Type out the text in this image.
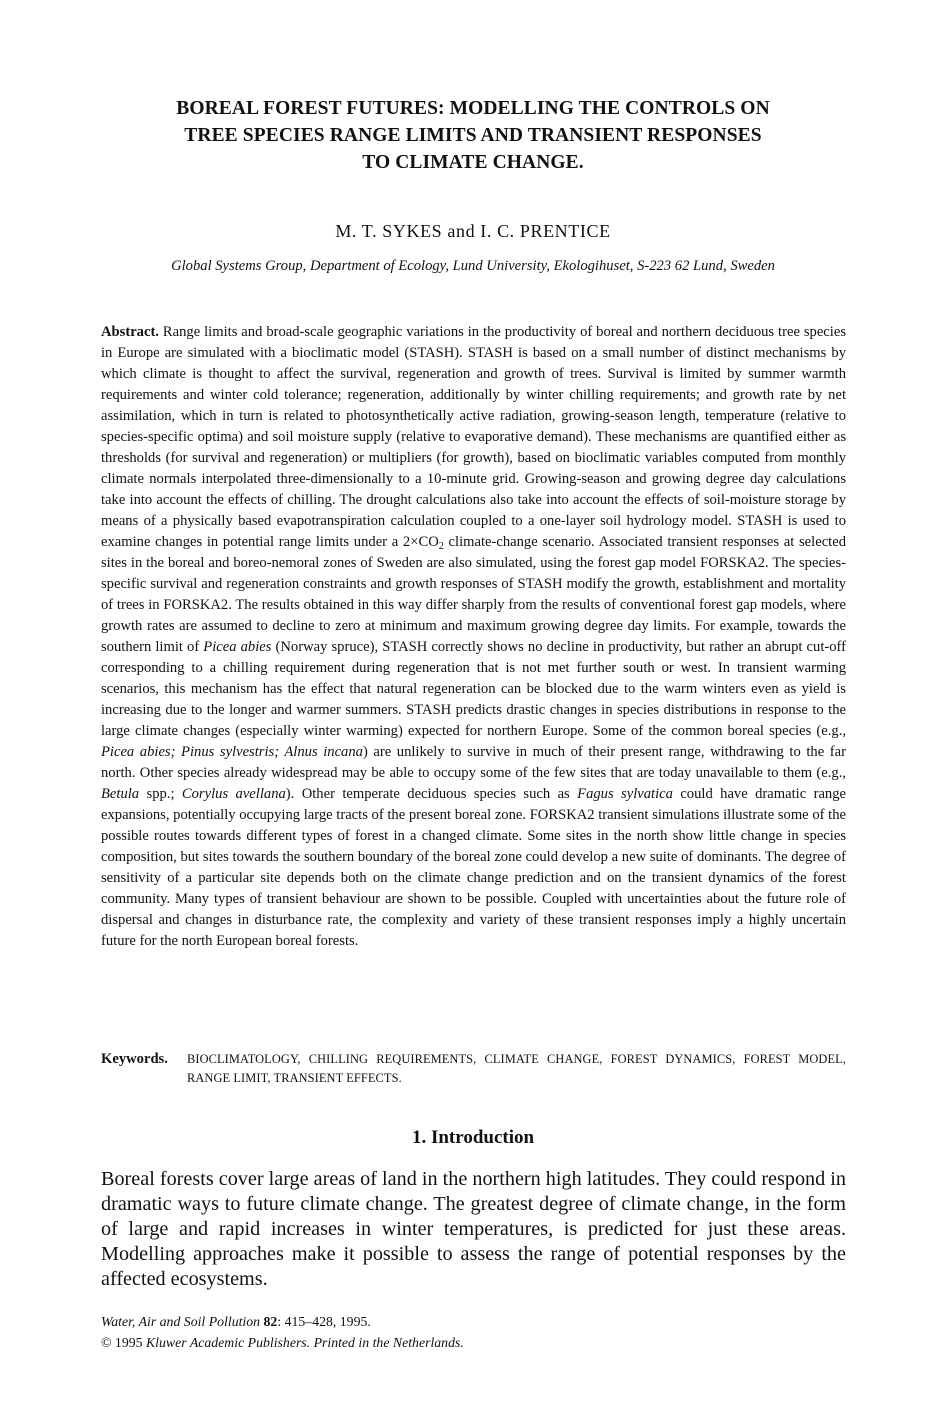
BOREAL FOREST FUTURES: MODELLING THE CONTROLS ON
TREE SPECIES RANGE LIMITS AND TRANSIENT RESPONSES
TO CLIMATE CHANGE.
M. T. SYKES and I. C. PRENTICE
Global Systems Group, Department of Ecology, Lund University, Ekologihuset, S-223 62 Lund, Sweden

Abstract. Range limits and broad-scale geographic variations in the productivity of boreal and northern deciduous tree species in Europe are simulated with a bioclimatic model (STASH). STASH is based on a small number of distinct mechanisms by which climate is thought to affect the survival, regeneration and growth of trees. Survival is limited by summer warmth requirements and winter cold tolerance; regeneration, additionally by winter chilling requirements; and growth rate by net assimilation, which in turn is related to photosynthetically active radiation, growing-season length, temperature (relative to species-specific optima) and soil moisture supply (relative to evaporative demand). These mechanisms are quantified either as thresholds (for survival and regeneration) or multipliers (for growth), based on bioclimatic variables computed from monthly climate normals interpolated three-dimensionally to a 10-minute grid. Growing-season and growing degree day calculations take into account the effects of chilling. The drought calculations also take into account the effects of soil-moisture storage by means of a physically based evapotranspiration calculation coupled to a one-layer soil hydrology model. STASH is used to examine changes in potential range limits under a $2\times CO_2$ climate-change scenario. Associated transient responses at selected sites in the boreal and boreo-nemoral zones of Sweden are also simulated, using the forest gap model FORSKA2. The species-specific survival and regeneration constraints and growth responses of STASH modify the growth, establishment and mortality of trees in FORSKA2. The results obtained in this way differ sharply from the results of conventional forest gap models, where growth rates are assumed to decline to zero at minimum and maximum growing degree day limits. For example, towards the southern limit of Picea abies (Norway spruce), STASH correctly shows no decline in productivity, but rather an abrupt cut-off corresponding to a chilling requirement during regeneration that is not met further south or west. In transient warming scenarios, this mechanism has the effect that natural regeneration can be blocked due to the warm winters even as yield is increasing due to the longer and warmer summers. STASH predicts drastic changes in species distributions in response to the large climate changes (especially winter warming) expected for northern Europe. Some of the common boreal species (e.g., Picea abies; Pinus sylvestris; Alnus incana) are unlikely to survive in much of their present range, withdrawing to the far north. Other species already widespread may be able to occupy some of the few sites that are today unavailable to them (e.g., Betula spp.; Corylus avellana). Other temperate deciduous species such as Fagus sylvatica could have dramatic range expansions, potentially occupying large tracts of the present boreal zone. FORSKA2 transient simulations illustrate some of the possible routes towards different types of forest in a changed climate. Some sites in the north show little change in species composition, but sites towards the southern boundary of the boreal zone could develop a new suite of dominants. The degree of sensitivity of a particular site depends both on the climate change prediction and on the transient dynamics of the forest community. Many types of transient behaviour are shown to be possible. Coupled with uncertainties about the future role of dispersal and changes in disturbance rate, the complexity and variety of these transient responses imply a highly uncertain future for the north European boreal forests.

Keywords.	BIOCLIMATOLOGY, CHILLING REQUIREMENTS, CLIMATE CHANGE, FOREST DYNAMICS, FOREST MODEL, RANGE LIMIT, TRANSIENT EFFECTS.
1. Introduction

Boreal forests cover large areas of land in the northern high latitudes. They could respond in dramatic ways to future climate change. The greatest degree of climate change, in the form of large and rapid increases in winter temperatures, is predicted for just these areas. Modelling approaches make it possible to assess the range of potential responses by the affected ecosystems.

Water, Air and Soil Pollution 82: 415–428, 1995.
© 1995 Kluwer Academic Publishers. Printed in the Netherlands.
